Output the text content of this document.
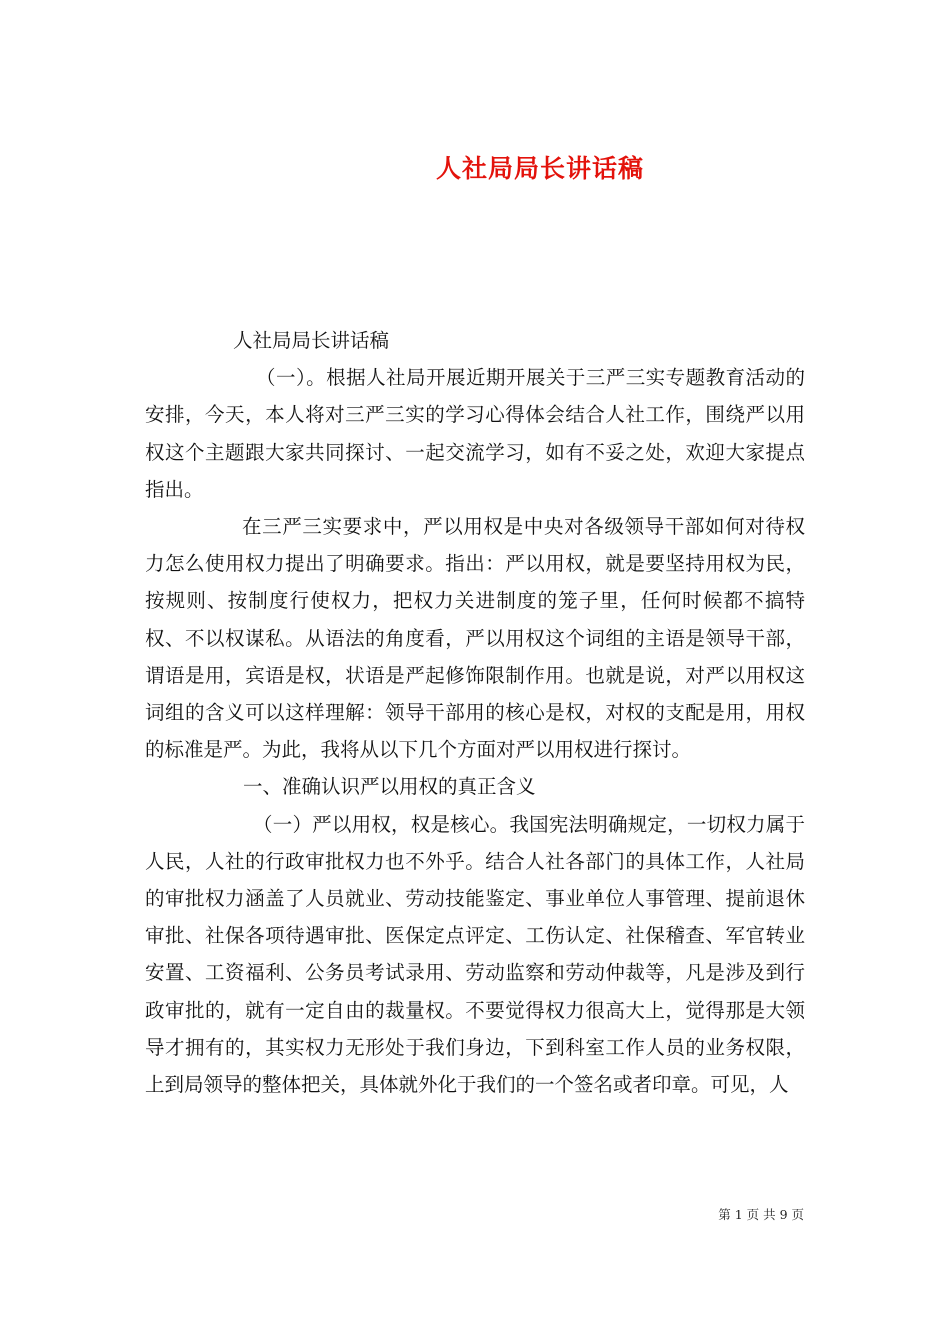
人社局局长讲话稿

人社局局长讲话稿

（一）。根据人社局开展近期开展关于三严三实专题教育活动的安排，今天，本人将对三严三实的学习心得体会结合人社工作，围绕严以用权这个主题跟大家共同探讨、一起交流学习，如有不妥之处，欢迎大家提点指出。

在三严三实要求中，严以用权是中央对各级领导干部如何对待权力怎么使用权力提出了明确要求。指出：严以用权，就是要坚持用权为民，按规则、按制度行使权力，把权力关进制度的笼子里，任何时候都不搞特权、不以权谋私。从语法的角度看，严以用权这个词组的主语是领导干部，谓语是用，宾语是权，状语是严起修饰限制作用。也就是说，对严以用权这词组的含义可以这样理解：领导干部用的核心是权，对权的支配是用，用权的标准是严。为此，我将从以下几个方面对严以用权进行探讨。

一、准确认识严以用权的真正含义

（一）严以用权，权是核心。我国宪法明确规定，一切权力属于人民，人社的行政审批权力也不外乎。结合人社各部门的具体工作，人社局的审批权力涵盖了人员就业、劳动技能鉴定、事业单位人事管理、提前退休审批、社保各项待遇审批、医保定点评定、工伤认定、社保稽查、军官转业安置、工资福利、公务员考试录用、劳动监察和劳动仲裁等，凡是涉及到行政审批的，就有一定自由的裁量权。不要觉得权力很高大上，觉得那是大领导才拥有的，其实权力无形处于我们身边，下到科室工作人员的业务权限，上到局领导的整体把关，具体就外化于我们的一个签名或者印章。可见，人

第 1 页 共 9 页
